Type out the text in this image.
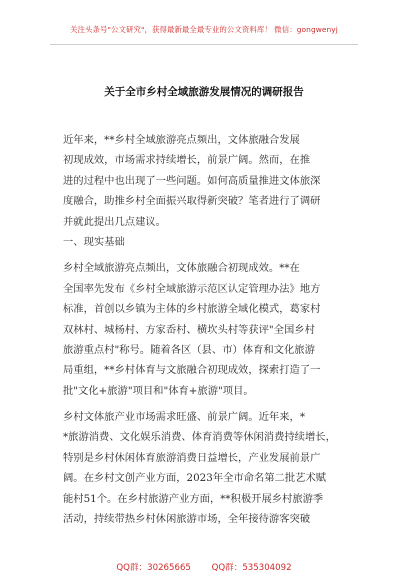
关注头条号"公文研究"，获得最新最全最专业的公文资料库！ 微信：gongwenyj
关于全市乡村全域旅游发展情况的调研报告
近年来，**乡村全域旅游亮点频出，文体旅融合发展
初现成效，市场需求持续增长，前景广阔。然而，在推
进的过程中也出现了一些问题。如何高质量推进文体旅深
度融合，助推乡村全面振兴取得新突破？笔者进行了调研
并就此提出几点建议。
一、现实基础
乡村全域旅游亮点频出，文体旅融合初现成效。**在
全国率先发布《乡村全域旅游示范区认定管理办法》地方
标准，首创以乡镇为主体的乡村旅游全域化模式，葛家村
双林村、城杨村、方家岙村、横坎头村等获评"全国乡村
旅游重点村"称号。随着各区（县、市）体育和文化旅游
局重组，**乡村体育与文旅融合初现成效，探索打造了一
批"文化+旅游"项目和"体育+旅游"项目。
乡村文体旅产业市场需求旺盛、前景广阔。近年来，*
*旅游消费、文化娱乐消费、体育消费等休闲消费持续增长，
特别是乡村休闲体育旅游消费日益增长，产业发展前景广
阔。在乡村文创产业方面，2023年全市命名第二批艺术赋
能村51个。在乡村旅游产业方面，**积极开展乡村旅游季
活动，持续带热乡村休闲旅游市场，全年接待游客突破
QQ群：30265665 QQ群：535304092
